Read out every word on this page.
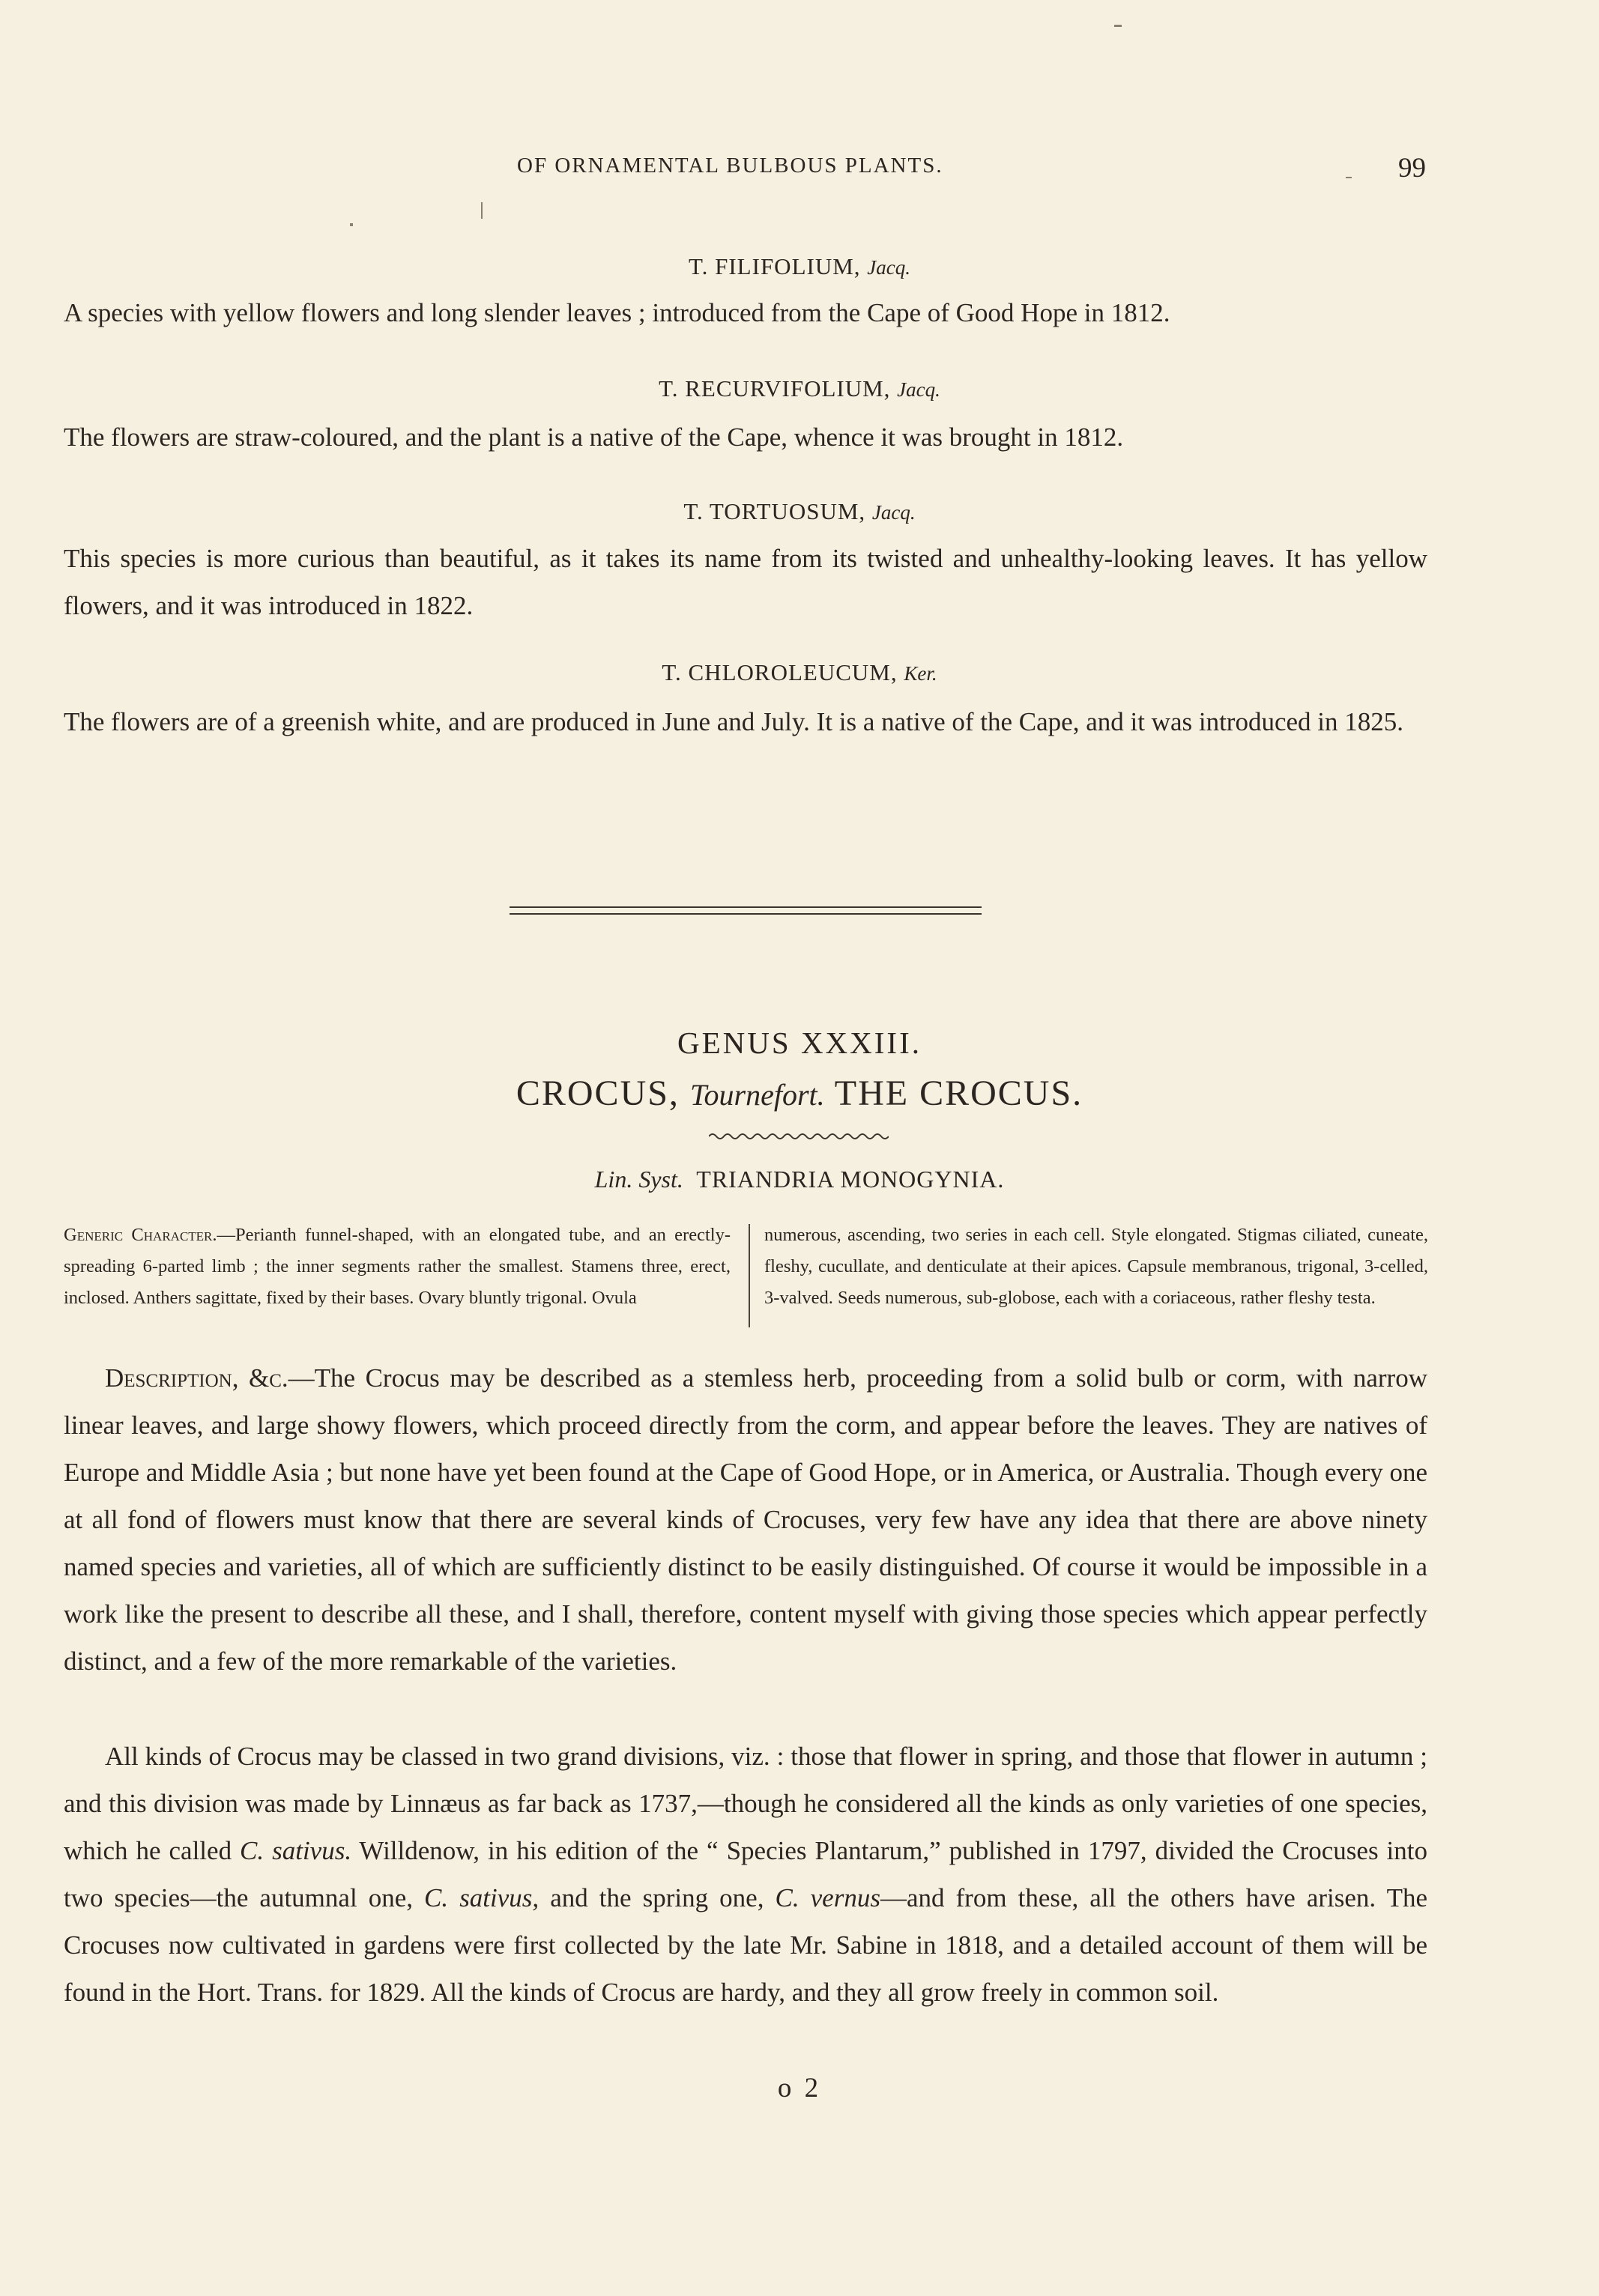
OF ORNAMENTAL BULBOUS PLANTS.	99
T. FILIFOLIUM, Jacq.
A species with yellow flowers and long slender leaves ; introduced from the Cape of Good Hope in 1812.
T. RECURVIFOLIUM, Jacq.
The flowers are straw-coloured, and the plant is a native of the Cape, whence it was brought in 1812.
T. TORTUOSUM, Jacq.
This species is more curious than beautiful, as it takes its name from its twisted and unhealthy-looking leaves. It has yellow flowers, and it was introduced in 1822.
T. CHLOROLEUCUM, Ker.
The flowers are of a greenish white, and are produced in June and July. It is a native of the Cape, and it was introduced in 1825.
GENUS XXXIII.
CROCUS, Tournefort. THE CROCUS.
Lin. Syst. TRIANDRIA MONOGYNIA.
Generic Character.—Perianth funnel-shaped, with an elongated tube, and an erectly-spreading 6-parted limb ; the inner segments rather the smallest. Stamens three, erect, inclosed. Anthers sagittate, fixed by their bases. Ovary bluntly trigonal. Ovula
numerous, ascending, two series in each cell. Style elongated. Stigmas ciliated, cuneate, fleshy, cucullate, and denticulate at their apices. Capsule membranous, trigonal, 3-celled, 3-valved. Seeds numerous, sub-globose, each with a coriaceous, rather fleshy testa.
Description, &c.—The Crocus may be described as a stemless herb, proceeding from a solid bulb or corm, with narrow linear leaves, and large showy flowers, which proceed directly from the corm, and appear before the leaves. They are natives of Europe and Middle Asia ; but none have yet been found at the Cape of Good Hope, or in America, or Australia. Though every one at all fond of flowers must know that there are several kinds of Crocuses, very few have any idea that there are above ninety named species and varieties, all of which are sufficiently distinct to be easily distinguished. Of course it would be impossible in a work like the present to describe all these, and I shall, therefore, content myself with giving those species which appear perfectly distinct, and a few of the more remarkable of the varieties.
All kinds of Crocus may be classed in two grand divisions, viz. : those that flower in spring, and those that flower in autumn ; and this division was made by Linnæus as far back as 1737,—though he considered all the kinds as only varieties of one species, which he called C. sativus. Willdenow, in his edition of the “ Species Plantarum,” published in 1797, divided the Crocuses into two species—the autumnal one, C. sativus, and the spring one, C. vernus—and from these, all the others have arisen. The Crocuses now cultivated in gardens were first collected by the late Mr. Sabine in 1818, and a detailed account of them will be found in the Hort. Trans. for 1829. All the kinds of Crocus are hardy, and they all grow freely in common soil.
o 2
